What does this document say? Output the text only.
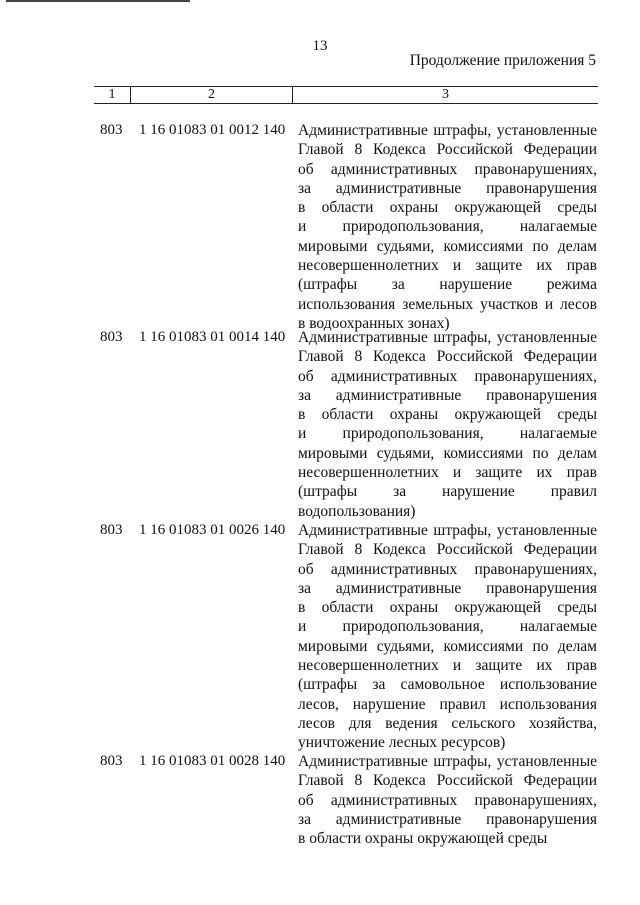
13
Продолжение приложения 5
1	2	3
803 1 16 01083 01 0012 140 Административные штрафы, установленные
Главой 8 Кодекса Российской Федерации
об административных правонарушениях,
за административные правонарушения
в области охраны окружающей среды
и природопользования, налагаемые
мировыми судьями, комиссиями по делам
несовершеннолетних и защите их прав
(штрафы за нарушение режима
использования земельных участков и лесов
в водоохранных зонах)

803 1 16 01083 01 0014 140 Административные штрафы, установленные
Главой 8 Кодекса Российской Федерации
об административных правонарушениях,
за административные правонарушения
в области охраны окружающей среды
и природопользования, налагаемые
мировыми судьями, комиссиями по делам
несовершеннолетних и защите их прав
(штрафы за нарушение правил
водопользования)

803 1 16 01083 01 0026 140 Административные штрафы, установленные
Главой 8 Кодекса Российской Федерации
об административных правонарушениях,
за административные правонарушения
в области охраны окружающей среды
и природопользования, налагаемые
мировыми судьями, комиссиями по делам
несовершеннолетних и защите их прав
(штрафы за самовольное использование
лесов, нарушение правил использования
лесов для ведения сельского хозяйства,
уничтожение лесных ресурсов)

803 1 16 01083 01 0028 140 Административные штрафы, установленные
Главой 8 Кодекса Российской Федерации
об административных правонарушениях,
за административные правонарушения
в области охраны окружающей среды
